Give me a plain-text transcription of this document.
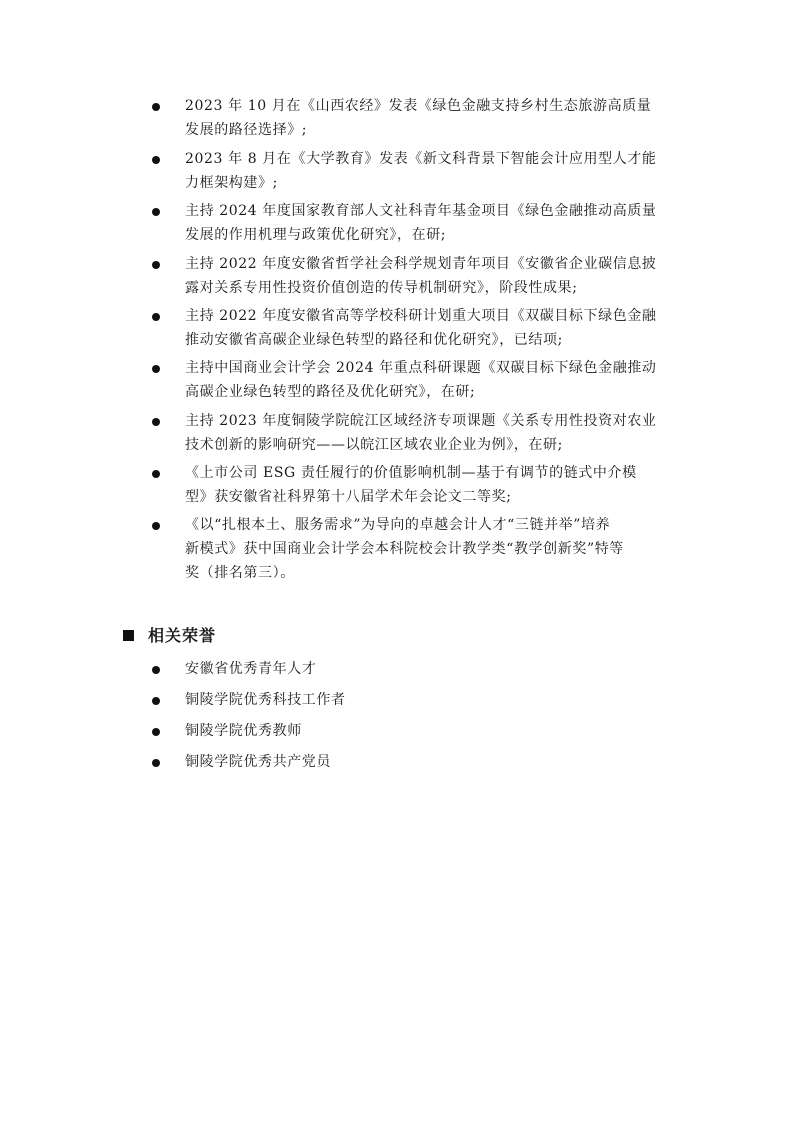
2023 年 10 月在《山西农经》发表《绿色金融支持乡村生态旅游高质量
发展的路径选择》;
2023 年 8 月在《大学教育》发表《新文科背景下智能会计应用型人才能
力框架构建》;
主持 2024 年度国家教育部人文社科青年基金项目《绿色金融推动高质量
发展的作用机理与政策优化研究》，在研;
主持 2022 年度安徽省哲学社会科学规划青年项目《安徽省企业碳信息披
露对关系专用性投资价值创造的传导机制研究》，阶段性成果;
主持 2022 年度安徽省高等学校科研计划重大项目《双碳目标下绿色金融
推动安徽省高碳企业绿色转型的路径和优化研究》，已结项;
主持中国商业会计学会 2024 年重点科研课题《双碳目标下绿色金融推动
高碳企业绿色转型的路径及优化研究》，在研;
主持 2023 年度铜陵学院皖江区域经济专项课题《关系专用性投资对农业
技术创新的影响研究——以皖江区域农业企业为例》，在研;
《上市公司 ESG 责任履行的价值影响机制—基于有调节的链式中介模
型》获安徽省社科界第十八届学术年会论文二等奖;
《以“扎根本土、服务需求”为导向的卓越会计人才“三链并举”培养
新模式》获中国商业会计学会本科院校会计教学类“教学创新奖”特等
奖（排名第三）。
相关荣誉
安徽省优秀青年人才
铜陵学院优秀科技工作者
铜陵学院优秀教师
铜陵学院优秀共产党员
